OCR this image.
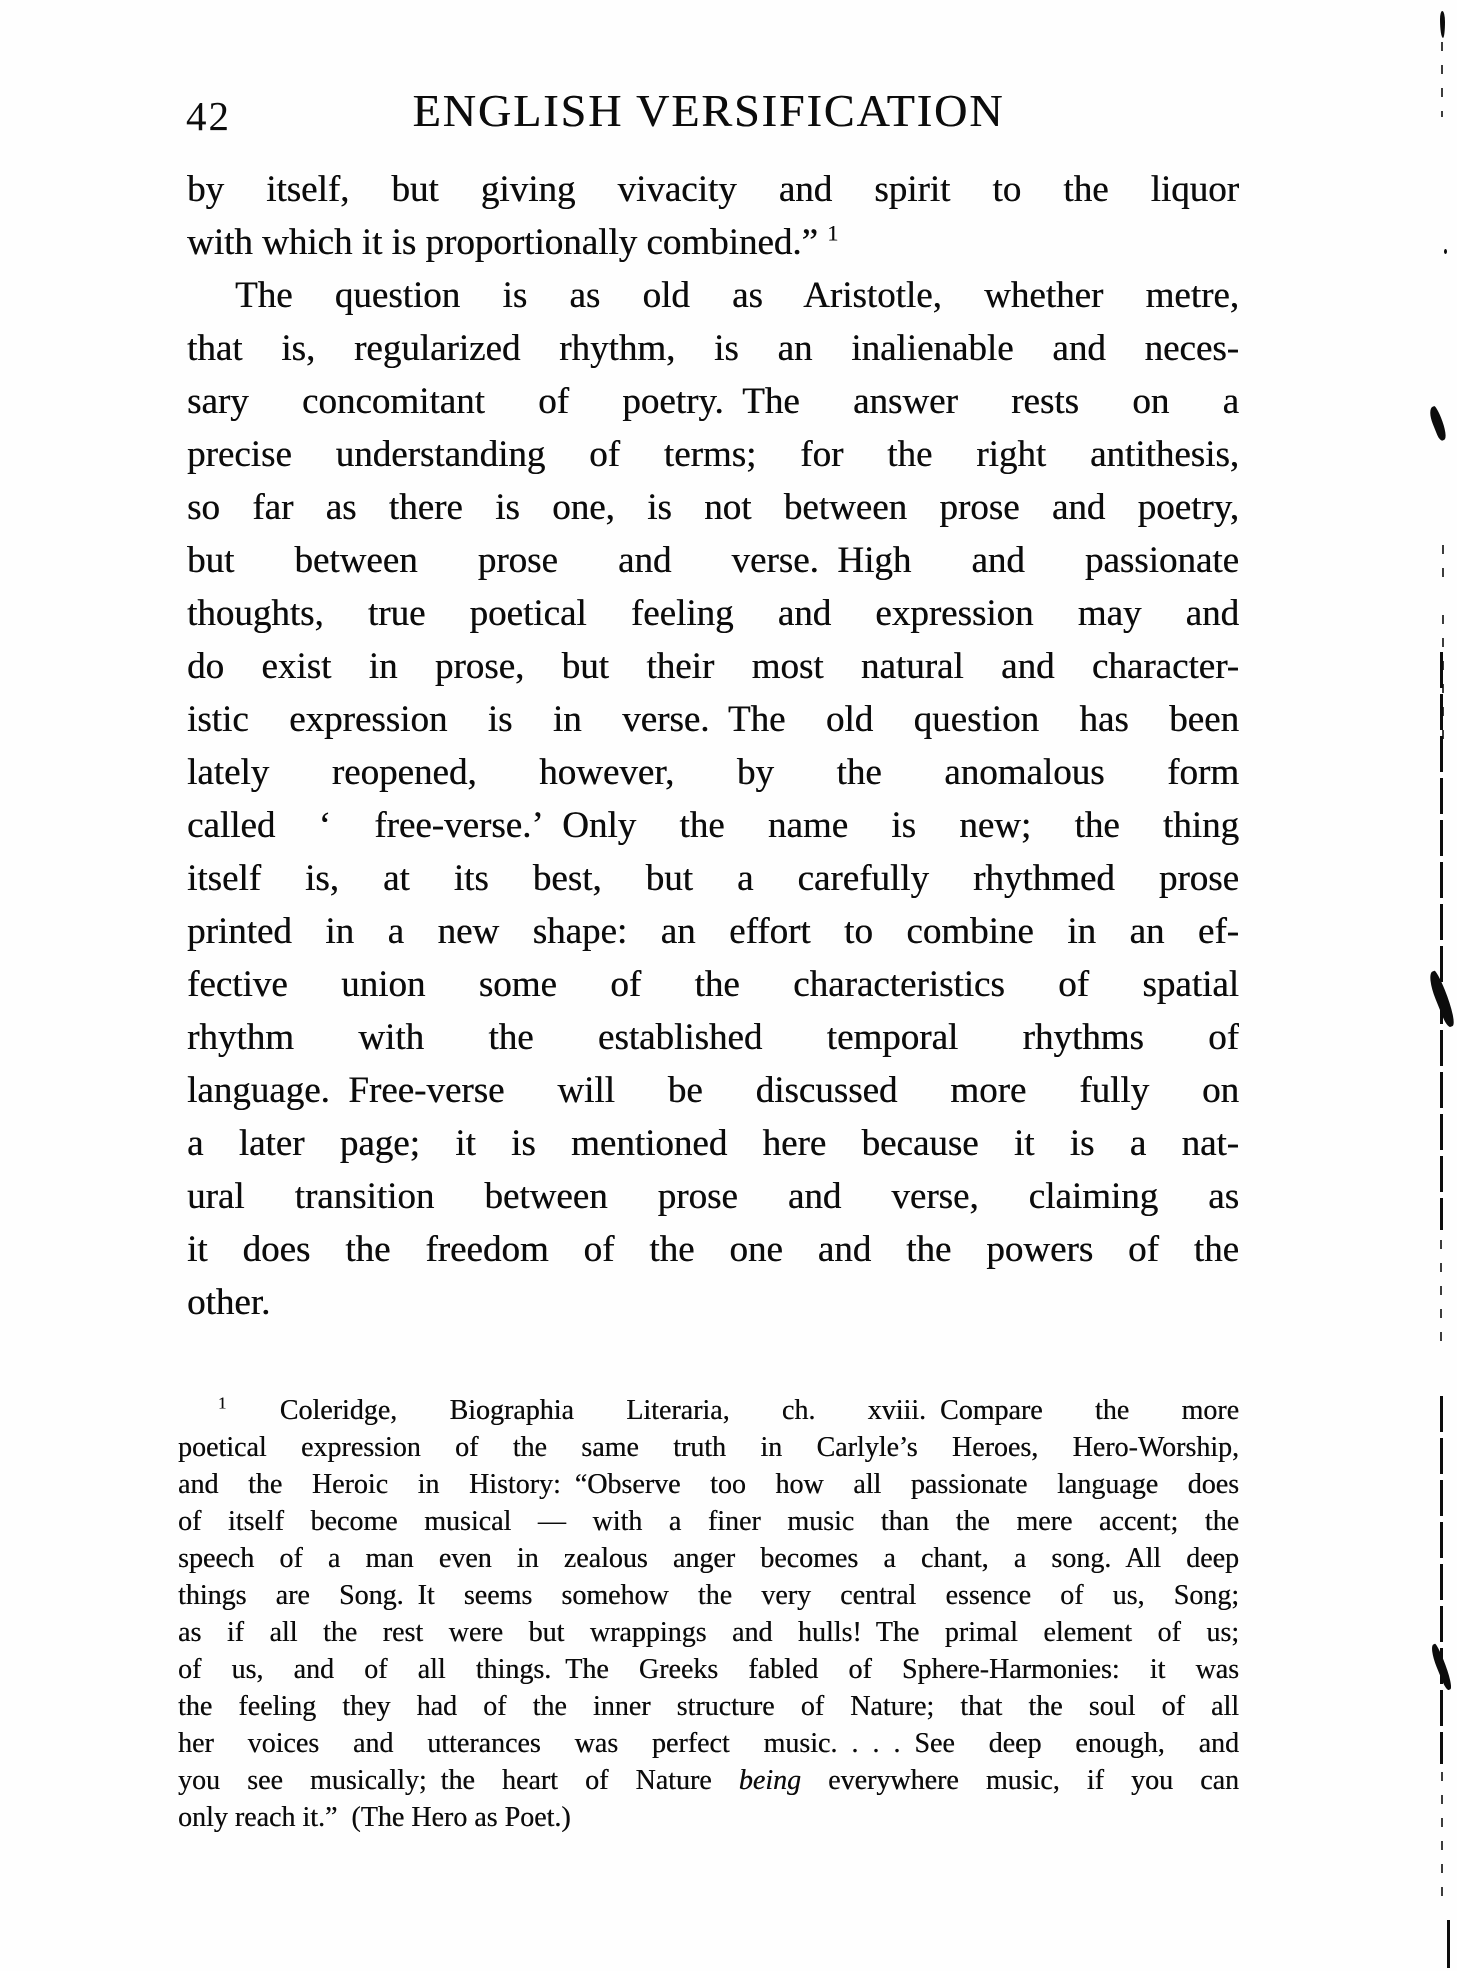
42	ENGLISH VERSIFICATION
by itself, but giving vivacity and spirit to the liquor
with which it is proportionally combined.” $^1$
The question is as old as Aristotle, whether metre,
that is, regularized rhythm, is an inalienable and neces-
sary concomitant of poetry. The answer rests on a
precise understanding of terms; for the right antithesis,
so far as there is one, is not between prose and poetry,
but between prose and verse. High and passionate
thoughts, true poetical feeling and expression may and
do exist in prose, but their most natural and character-
istic expression is in verse. The old question has been
lately reopened, however, by the anomalous form
called ‘ free-verse.’ Only the name is new; the thing
itself is, at its best, but a carefully rhythmed prose
printed in a new shape: an effort to combine in an ef-
fective union some of the characteristics of spatial
rhythm with the established temporal rhythms of
language. Free-verse will be discussed more fully on
a later page; it is mentioned here because it is a nat-
ural transition between prose and verse, claiming as
it does the freedom of the one and the powers of the
other.
$^1$ Coleridge, Biographia Literaria, ch. xviii. Compare the more
poetical expression of the same truth in Carlyle’s Heroes, Hero-Worship,
and the Heroic in History: “Observe too how all passionate language does
of itself become musical — with a finer music than the mere accent; the
speech of a man even in zealous anger becomes a chant, a song. All deep
things are Song. It seems somehow the very central essence of us, Song;
as if all the rest were but wrappings and hulls! The primal element of us;
of us, and of all things. The Greeks fabled of Sphere-Harmonies: it was
the feeling they had of the inner structure of Nature; that the soul of all
her voices and utterances was perfect music. . . . See deep enough, and
you see musically; the heart of Nature being everywhere music, if you can
only reach it.” (The Hero as Poet.)
